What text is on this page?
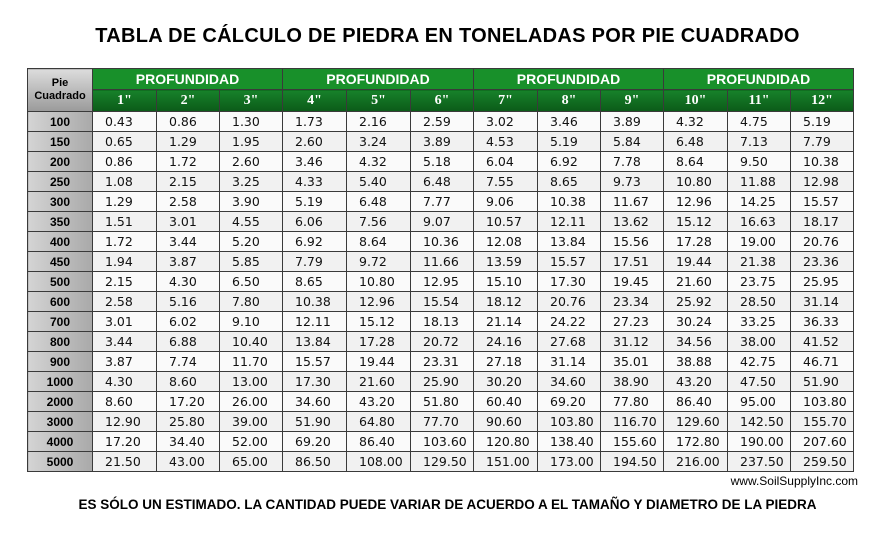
TABLA DE CÁLCULO DE PIEDRA EN TONELADAS POR PIE CUADRADO
Pie
Cuadrado	PROFUNDIDAD			PROFUNDIDAD			PROFUNDIDAD			PROFUNDIDAD		
	1"	2"	3"	4"	5"	6"	7"	8"	9"	10"	11"	12"
100	0.43	0.86	1.30	1.73	2.16	2.59	3.02	3.46	3.89	4.32	4.75	5.19
150	0.65	1.29	1.95	2.60	3.24	3.89	4.53	5.19	5.84	6.48	7.13	7.79
200	0.86	1.72	2.60	3.46	4.32	5.18	6.04	6.92	7.78	8.64	9.50	10.38
250	1.08	2.15	3.25	4.33	5.40	6.48	7.55	8.65	9.73	10.80	11.88	12.98
300	1.29	2.58	3.90	5.19	6.48	7.77	9.06	10.38	11.67	12.96	14.25	15.57
350	1.51	3.01	4.55	6.06	7.56	9.07	10.57	12.11	13.62	15.12	16.63	18.17
400	1.72	3.44	5.20	6.92	8.64	10.36	12.08	13.84	15.56	17.28	19.00	20.76
450	1.94	3.87	5.85	7.79	9.72	11.66	13.59	15.57	17.51	19.44	21.38	23.36
500	2.15	4.30	6.50	8.65	10.80	12.95	15.10	17.30	19.45	21.60	23.75	25.95
600	2.58	5.16	7.80	10.38	12.96	15.54	18.12	20.76	23.34	25.92	28.50	31.14
700	3.01	6.02	9.10	12.11	15.12	18.13	21.14	24.22	27.23	30.24	33.25	36.33
800	3.44	6.88	10.40	13.84	17.28	20.72	24.16	27.68	31.12	34.56	38.00	41.52
900	3.87	7.74	11.70	15.57	19.44	23.31	27.18	31.14	35.01	38.88	42.75	46.71
1000	4.30	8.60	13.00	17.30	21.60	25.90	30.20	34.60	38.90	43.20	47.50	51.90
2000	8.60	17.20	26.00	34.60	43.20	51.80	60.40	69.20	77.80	86.40	95.00	103.80
3000	12.90	25.80	39.00	51.90	64.80	77.70	90.60	103.80	116.70	129.60	142.50	155.70
4000	17.20	34.40	52.00	69.20	86.40	103.60	120.80	138.40	155.60	172.80	190.00	207.60
5000	21.50	43.00	65.00	86.50	108.00	129.50	151.00	173.00	194.50	216.00	237.50	259.50
www.SoilSupplyInc.com
ES SÓLO UN ESTIMADO. LA CANTIDAD PUEDE VARIAR DE ACUERDO A EL TAMAÑO Y DIAMETRO DE LA PIEDRA
